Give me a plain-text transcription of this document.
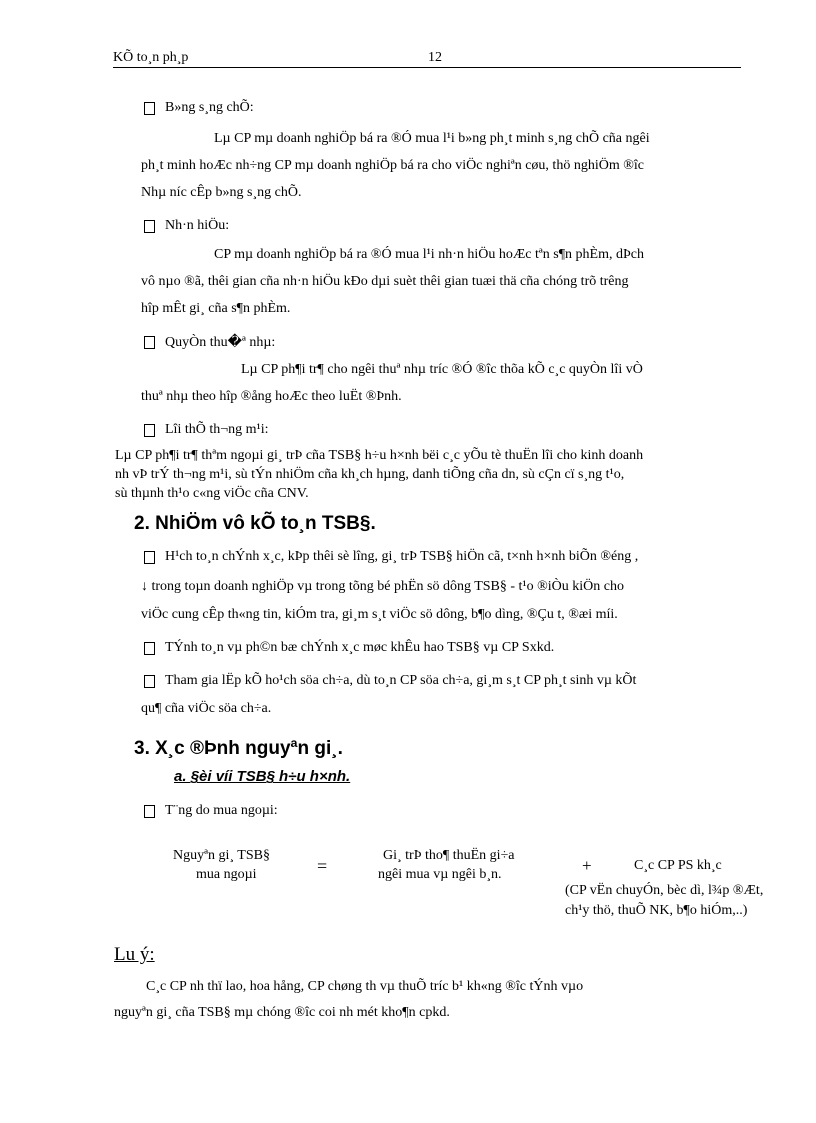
KÕ to¸n ph¸p	12
B»ng s¸ng chÕ:
Lµ CP mµ doanh nghiÖp bá ra ®Ó mua l¹i b»ng ph¸t minh s¸ng chÕ cña ngêi
ph¸t minh hoÆc nh÷ng CP mµ doanh nghiÖp bá ra cho viÖc nghiªn cøu, thö nghiÖm ®îc
Nhµ níc cÊp b»ng s¸ng chÕ.
Nh·n hiÖu:
CP mµ doanh nghiÖp bá ra ®Ó mua l¹i nh·n hiÖu hoÆc tªn s¶n phÈm, dÞch
vô nµo ®ã, thêi gian cña nh·n hiÖu kÐo dµi suèt thêi gian tuæi thä cña chóng trõ trêng
hîp mÊt gi¸ cña s¶n phÈm.
QuyÒn thu�ª nhµ:
Lµ CP ph¶i tr¶ cho ngêi thuª nhµ tríc ®Ó ®îc thõa kÕ c¸c quyÒn lîi vÒ
thuª nhµ theo hîp ®ång hoÆc theo luËt ®Þnh.
Lîi thÕ th¬ng m¹i:
Lµ CP ph¶i tr¶ thªm ngoµi gi¸ trÞ cña TSB§ h÷u h×nh bëi c¸c yÕu tè thuËn lîi cho kinh doanh
nh vÞ trÝ th¬ng m¹i, sù tÝn nhiÖm cña kh¸ch hµng, danh tiÕng cña dn, sù cÇn cï s¸ng t¹o,
sù thµnh th¹o c«ng viÖc cña CNV.
2. NhiÖm vô kÕ to¸n TSB§.
H¹ch to¸n chÝnh x¸c, kÞp thêi sè lîng, gi¸ trÞ TSB§ hiÖn cã, t×nh h×nh biÕn ®éng ,
↓ trong toµn doanh nghiÖp vµ trong tõng bé phËn sö dông TSB§ - t¹o ®iÒu kiÖn cho
viÖc cung cÊp th«ng tin, kiÓm tra, gi¸m s¸t viÖc sö dông, b¶o dìng, ®Çu t, ®æi míi.
TÝnh to¸n vµ ph©n bæ chÝnh x¸c møc khÊu hao TSB§ vµ CP Sxkd.
Tham gia lËp kÕ ho¹ch söa ch÷a, dù to¸n CP söa ch÷a, gi¸m s¸t CP ph¸t sinh vµ kÕt
qu¶ cña viÖc söa ch÷a.
3. X¸c ®Þnh nguyªn gi¸.
a. §èi víi TSB§ h÷u h×nh.
T¨ng do mua ngoµi:
Nguyªn gi¸ TSB§
mua ngoµi	=
Gi¸ trÞ tho¶ thuËn gi÷a
ngêi mua vµ ngêi b¸n.	+	C¸c CP PS kh¸c
(CP vËn chuyÓn, bèc dì, l¾p ®Æt,
ch¹y thö, thuÕ NK, b¶o hiÓm,..)
Lu ý:
C¸c CP nh thï lao, hoa hång, CP chøng th vµ thuÕ tríc b¹ kh«ng ®îc tÝnh vµo
nguyªn gi¸ cña TSB§ mµ chóng ®îc coi nh mét kho¶n cpkd.
